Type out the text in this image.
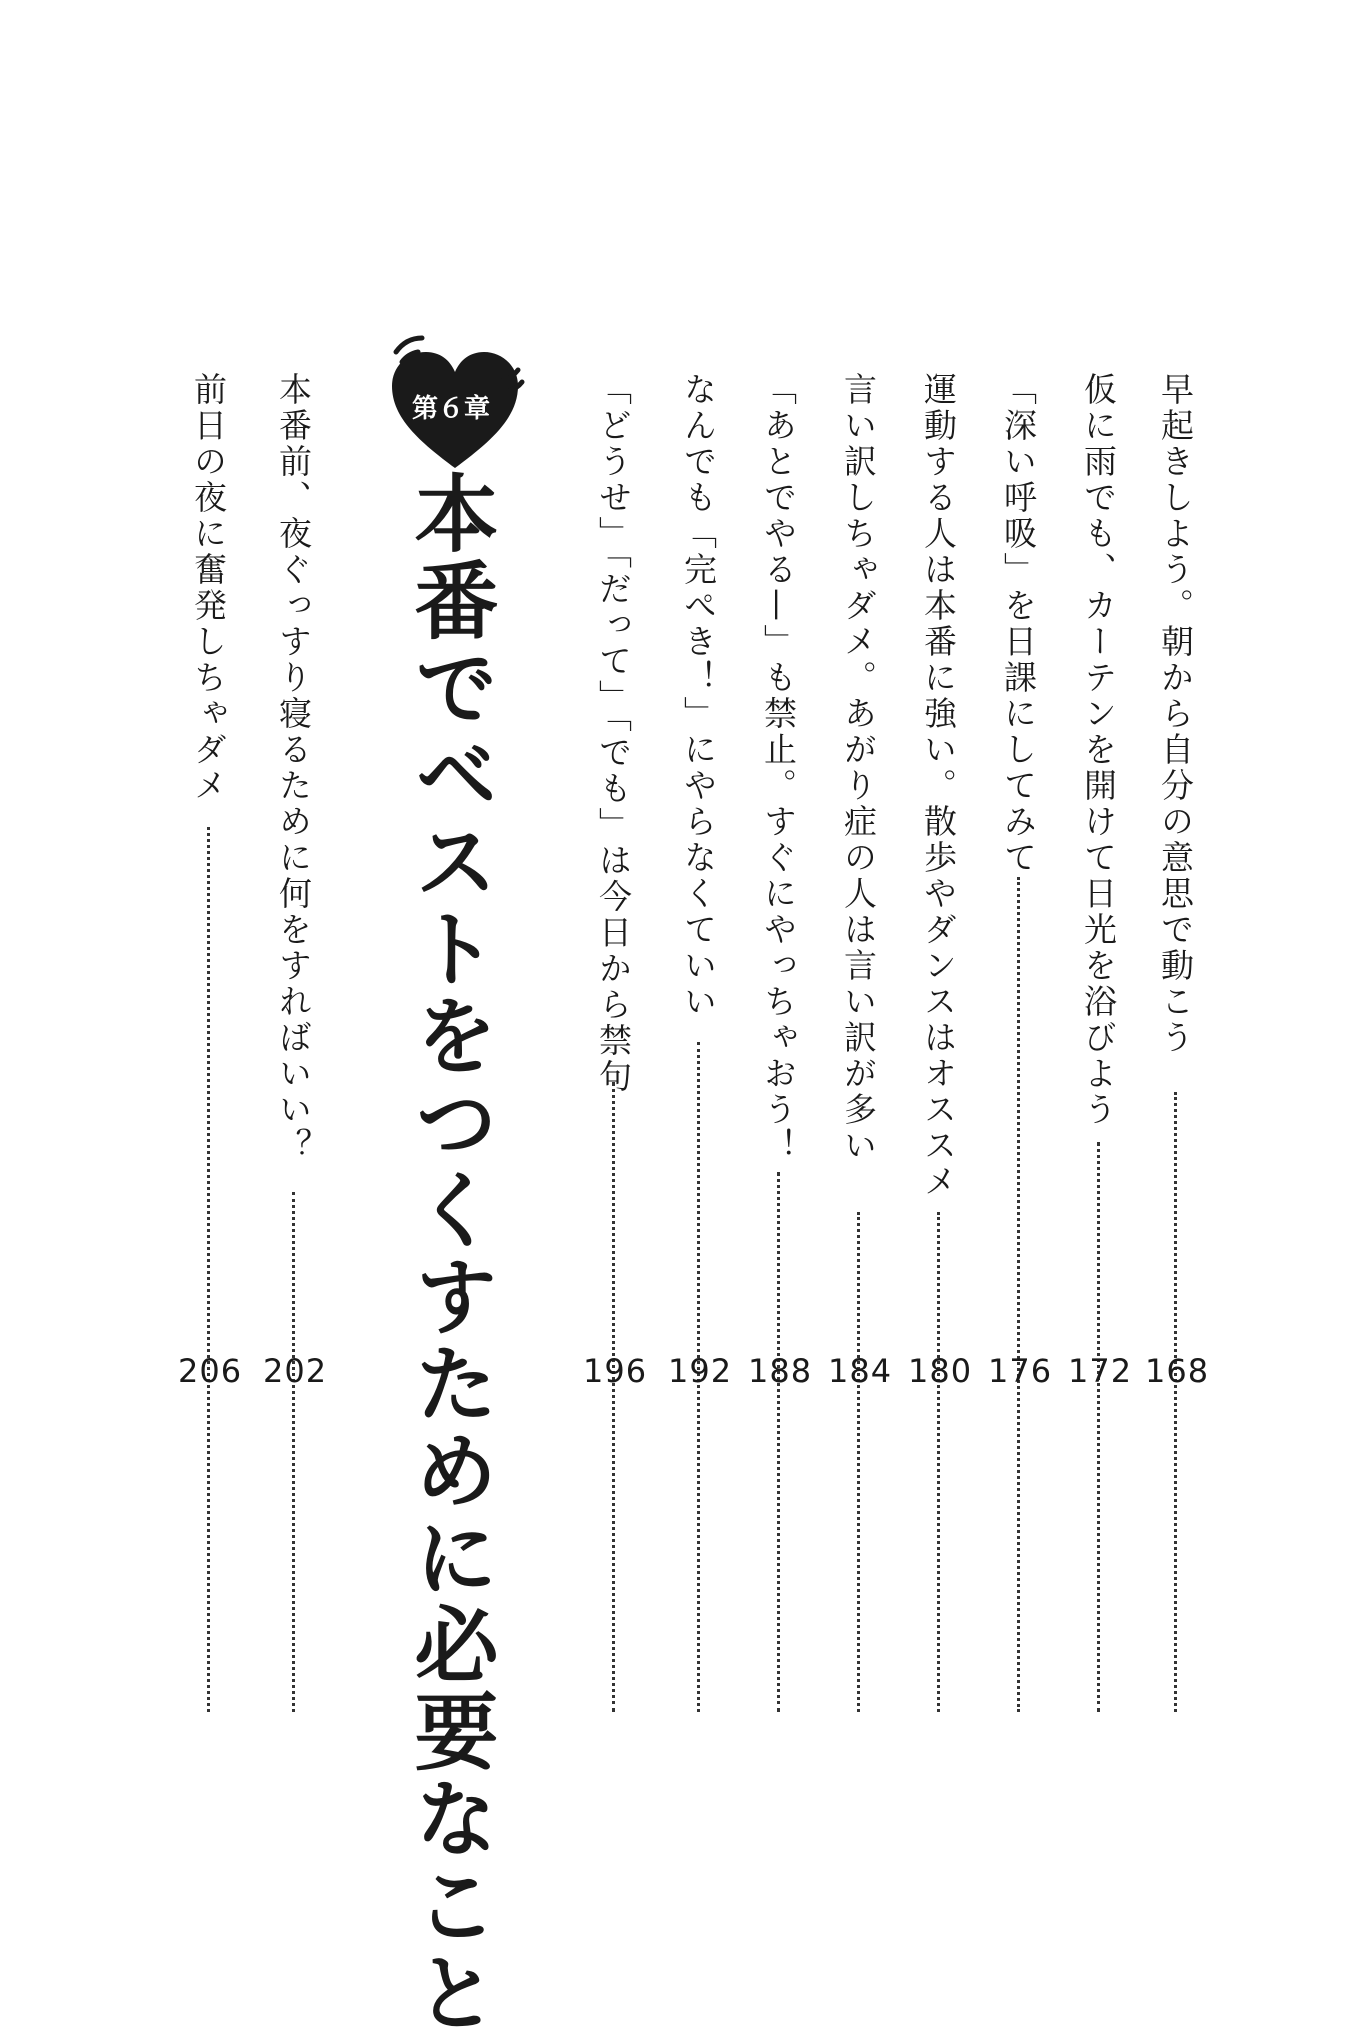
早起きしよう。朝から自分の意思で動こう
168
仮に雨でも、カーテンを開けて日光を浴びよう
172
「深い呼吸」を日課にしてみて
176
運動する人は本番に強い。散歩やダンスはオススメ
180
言い訳しちゃダメ。あがり症の人は言い訳が多い
184
「あとでやる—」も禁止。すぐにやっちゃおう！
188
なんでも「完ぺき！」にやらなくていい
192
「どうせ」「だって」「でも」は今日から禁句
196
第６章
本番でベストをつくすために必要なこと
本番前、夜ぐっすり寝るために何をすればいい？
202
前日の夜に奮発しちゃダメ
206
